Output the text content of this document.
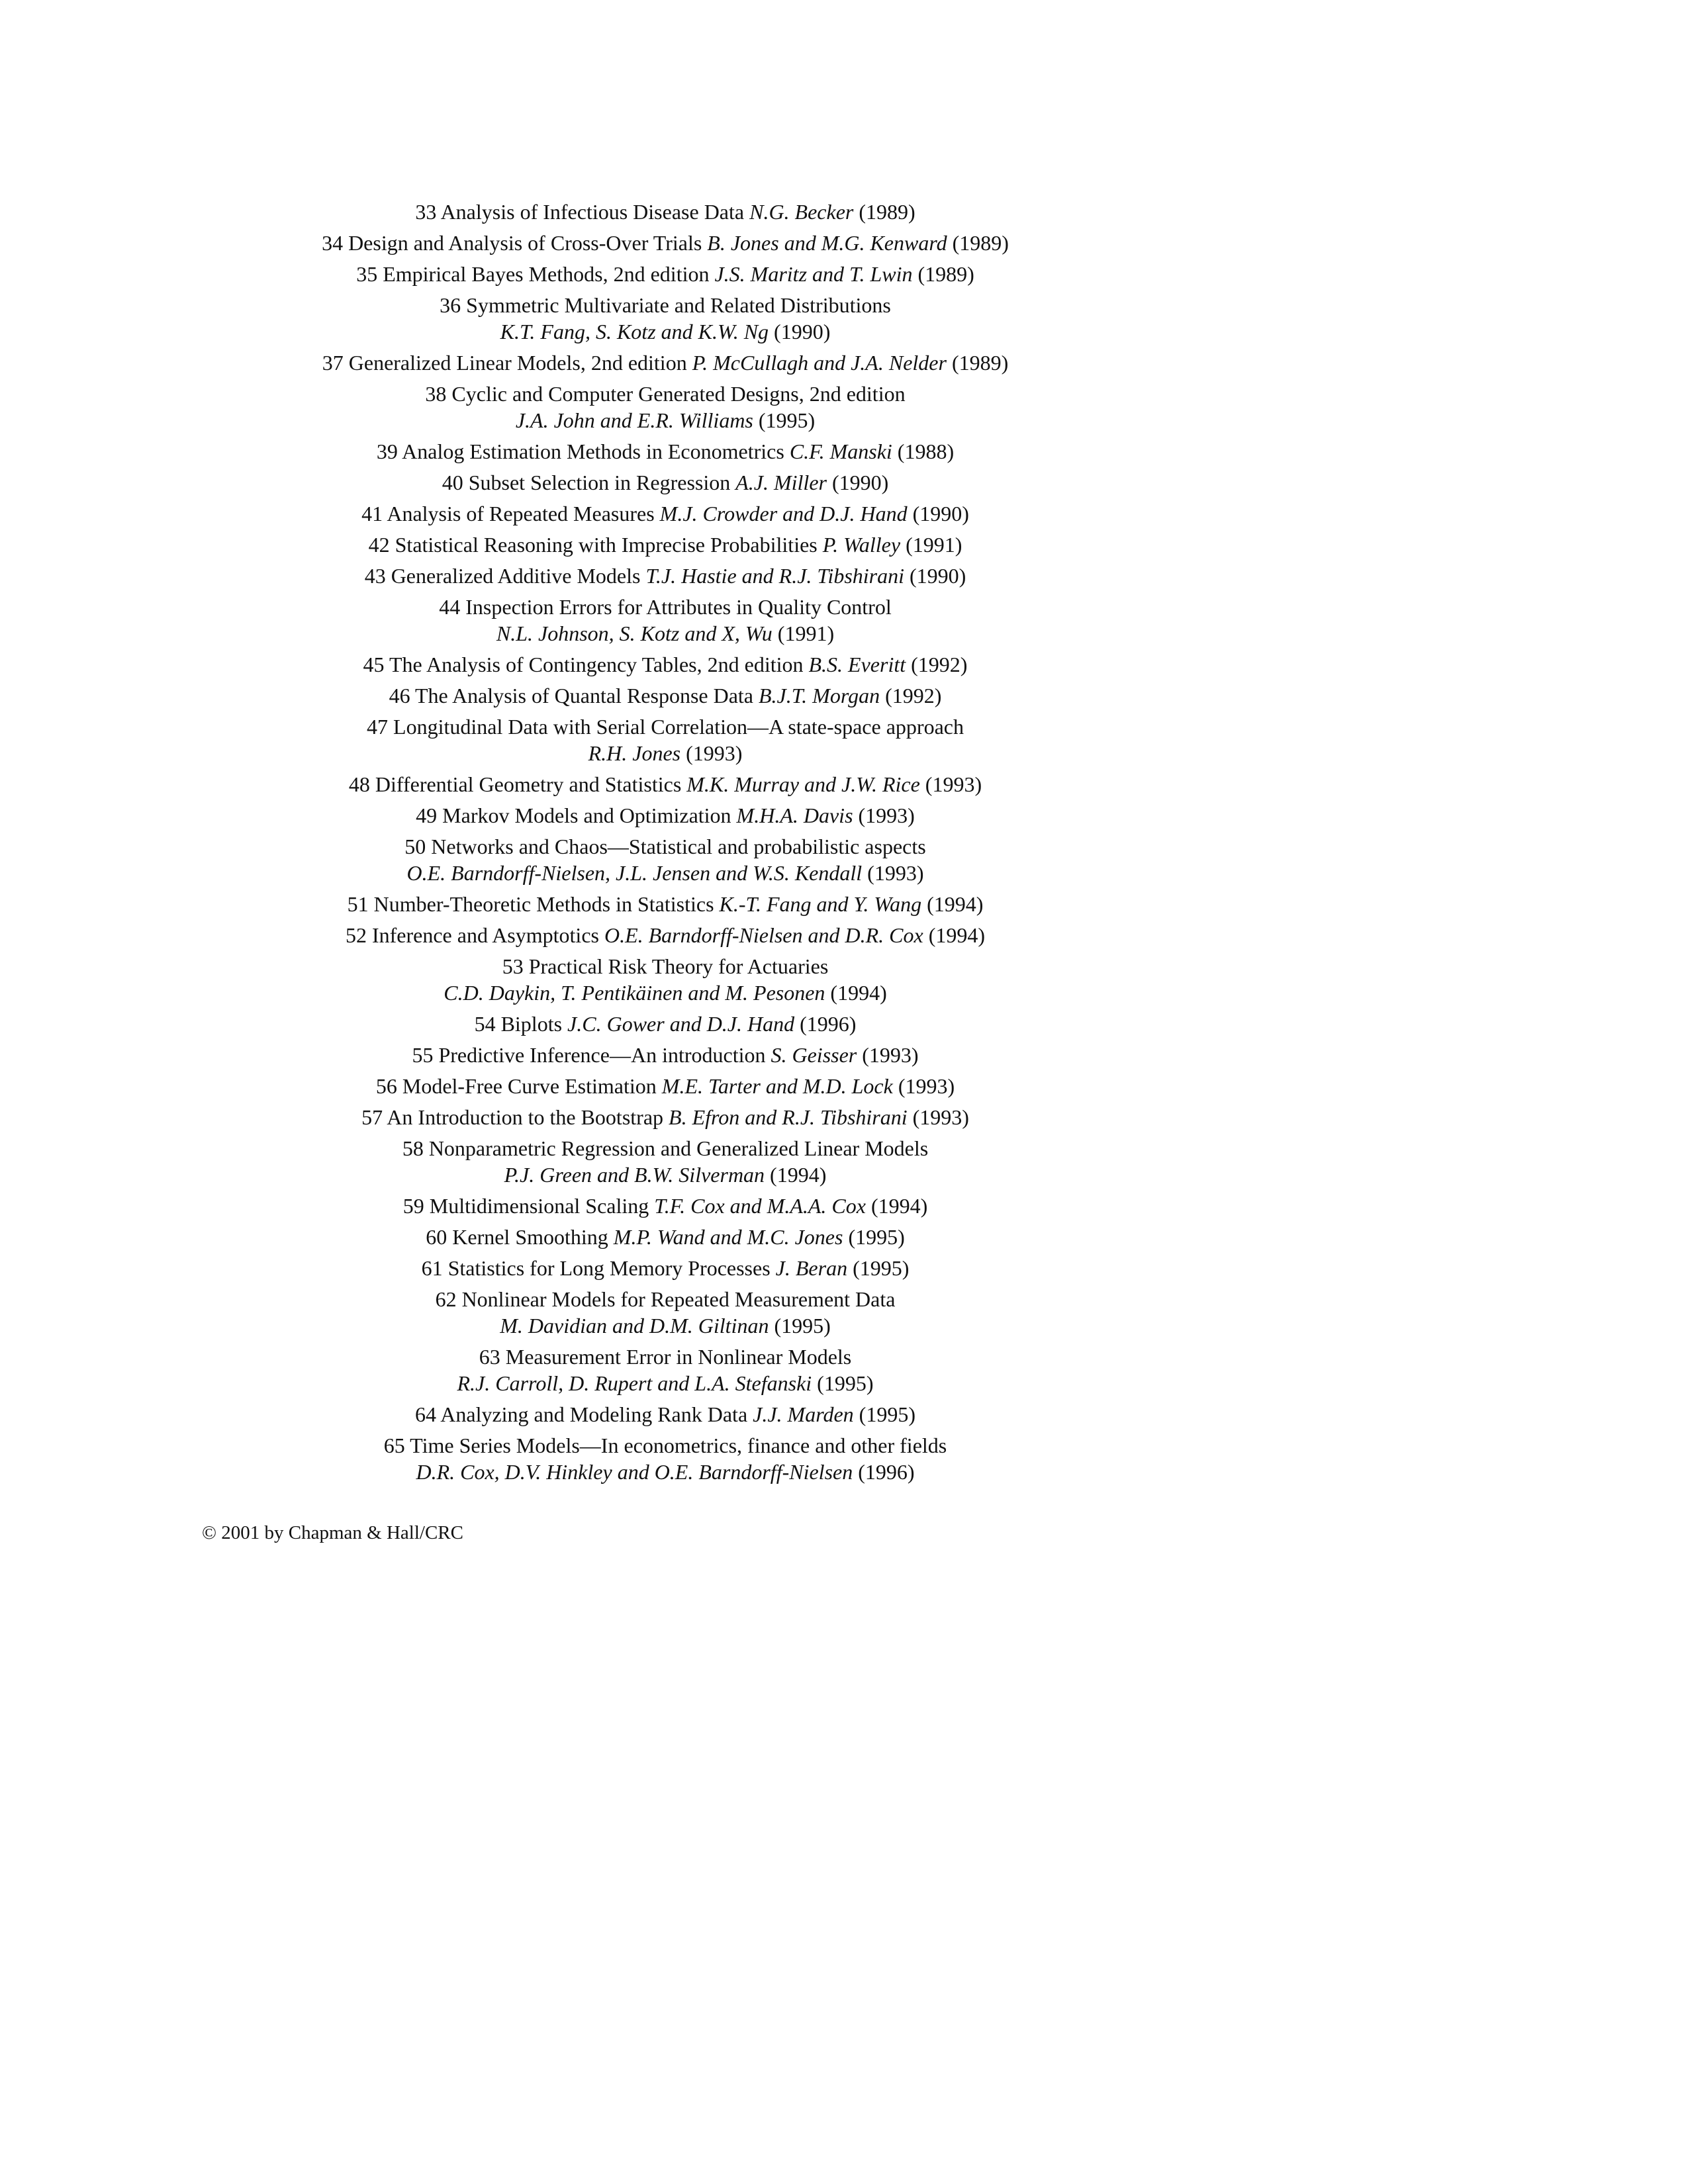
33 Analysis of Infectious Disease Data N.G. Becker (1989)
34 Design and Analysis of Cross-Over Trials B. Jones and M.G. Kenward (1989)
35 Empirical Bayes Methods, 2nd edition J.S. Maritz and T. Lwin (1989)
36 Symmetric Multivariate and Related Distributions
K.T. Fang, S. Kotz and K.W. Ng (1990)
37 Generalized Linear Models, 2nd edition P. McCullagh and J.A. Nelder (1989)
38 Cyclic and Computer Generated Designs, 2nd edition
J.A. John and E.R. Williams (1995)
39 Analog Estimation Methods in Econometrics C.F. Manski (1988)
40 Subset Selection in Regression A.J. Miller (1990)
41 Analysis of Repeated Measures M.J. Crowder and D.J. Hand (1990)
42 Statistical Reasoning with Imprecise Probabilities P. Walley (1991)
43 Generalized Additive Models T.J. Hastie and R.J. Tibshirani (1990)
44 Inspection Errors for Attributes in Quality Control
N.L. Johnson, S. Kotz and X, Wu (1991)
45 The Analysis of Contingency Tables, 2nd edition B.S. Everitt (1992)
46 The Analysis of Quantal Response Data B.J.T. Morgan (1992)
47 Longitudinal Data with Serial Correlation—A state-space approach
R.H. Jones (1993)
48 Differential Geometry and Statistics M.K. Murray and J.W. Rice (1993)
49 Markov Models and Optimization M.H.A. Davis (1993)
50 Networks and Chaos—Statistical and probabilistic aspects
O.E. Barndorff-Nielsen, J.L. Jensen and W.S. Kendall (1993)
51 Number-Theoretic Methods in Statistics K.-T. Fang and Y. Wang (1994)
52 Inference and Asymptotics O.E. Barndorff-Nielsen and D.R. Cox (1994)
53 Practical Risk Theory for Actuaries
C.D. Daykin, T. Pentikäinen and M. Pesonen (1994)
54 Biplots J.C. Gower and D.J. Hand (1996)
55 Predictive Inference—An introduction S. Geisser (1993)
56 Model-Free Curve Estimation M.E. Tarter and M.D. Lock (1993)
57 An Introduction to the Bootstrap B. Efron and R.J. Tibshirani (1993)
58 Nonparametric Regression and Generalized Linear Models
P.J. Green and B.W. Silverman (1994)
59 Multidimensional Scaling T.F. Cox and M.A.A. Cox (1994)
60 Kernel Smoothing M.P. Wand and M.C. Jones (1995)
61 Statistics for Long Memory Processes J. Beran (1995)
62 Nonlinear Models for Repeated Measurement Data
M. Davidian and D.M. Giltinan (1995)
63 Measurement Error in Nonlinear Models
R.J. Carroll, D. Rupert and L.A. Stefanski (1995)
64 Analyzing and Modeling Rank Data J.J. Marden (1995)
65 Time Series Models—In econometrics, finance and other fields
D.R. Cox, D.V. Hinkley and O.E. Barndorff-Nielsen (1996)
© 2001 by Chapman & Hall/CRC
